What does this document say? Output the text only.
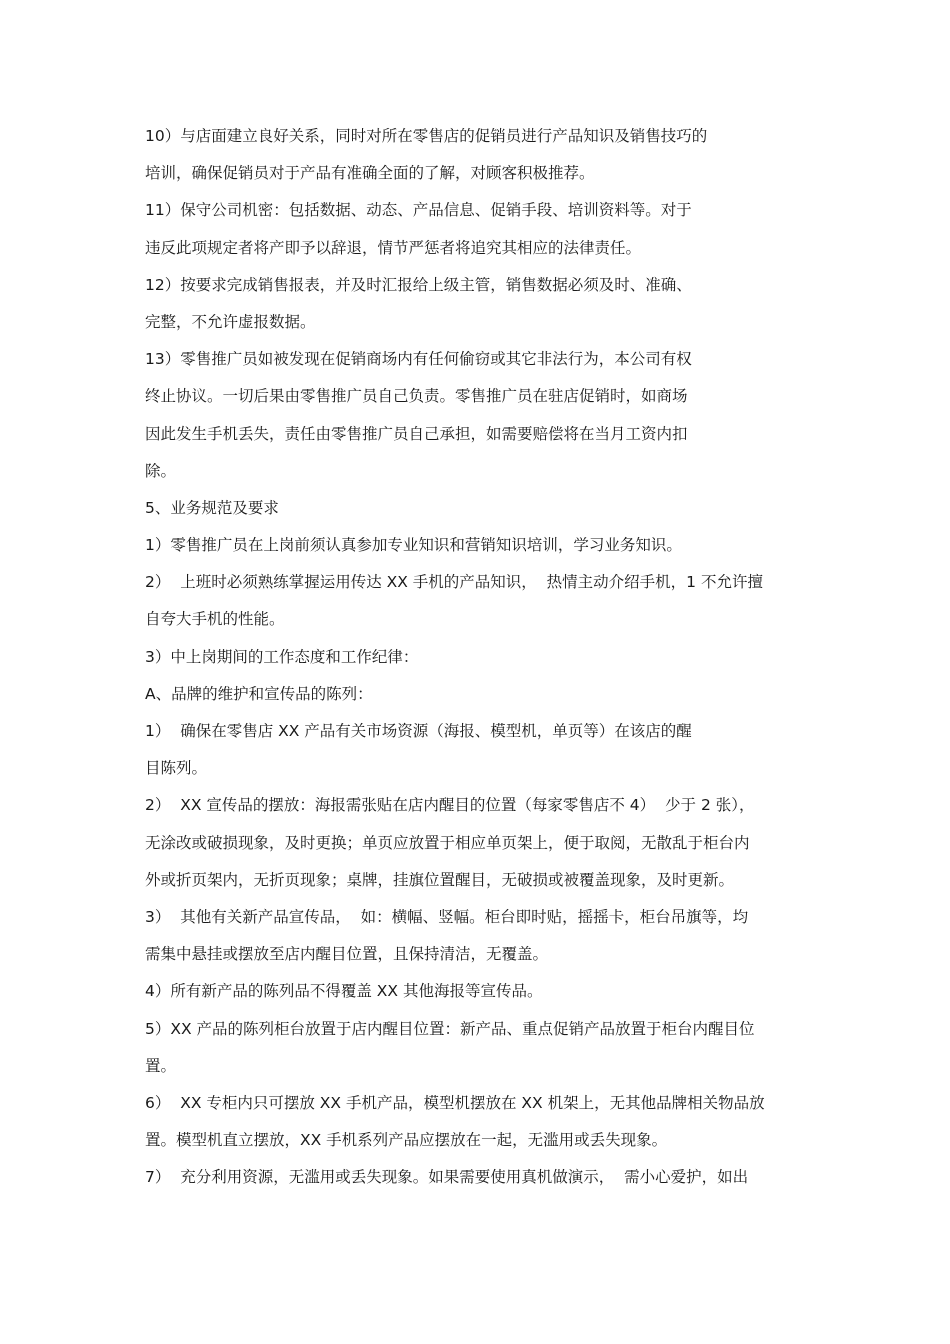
10）与店面建立良好关系，同时对所在零售店的促销员进行产品知识及销售技巧的
培训，确保促销员对于产品有准确全面的了解，对顾客积极推荐。
11）保守公司机密：包括数据、动态、产品信息、促销手段、培训资料等。对于
违反此项规定者将产即予以辞退，情节严惩者将追究其相应的法律责任。
12）按要求完成销售报表，并及时汇报给上级主管，销售数据必须及时、准确、
完整，不允许虚报数据。
13）零售推广员如被发现在促销商场内有任何偷窃或其它非法行为，本公司有权
终止协议。一切后果由零售推广员自己负责。零售推广员在驻店促销时，如商场
因此发生手机丢失，责任由零售推广员自己承担，如需要赔偿将在当月工资内扣
除。
5、业务规范及要求
1）零售推广员在上岗前须认真参加专业知识和营销知识培训，学习业务知识。
2）  上班时必须熟练掌握运用传达 XX 手机的产品知识，  热情主动介绍手机，1 不允许擅
自夸大手机的性能。
3）中上岗期间的工作态度和工作纪律：
A、品牌的维护和宣传品的陈列：
1）  确保在零售店 XX 产品有关市场资源（海报、模型机，单页等）在该店的醒
目陈列。
2）  XX 宣传品的摆放：海报需张贴在店内醒目的位置（每家零售店不 4）  少于 2 张），
无涂改或破损现象，及时更换；单页应放置于相应单页架上，便于取阅，无散乱于柜台内
外或折页架内，无折页现象；桌牌，挂旗位置醒目，无破损或被覆盖现象，及时更新。
3）  其他有关新产品宣传品，  如：横幅、竖幅。柜台即时贴，摇摇卡，柜台吊旗等，均
需集中悬挂或摆放至店内醒目位置，且保持清洁，无覆盖。
4）所有新产品的陈列品不得覆盖 XX 其他海报等宣传品。
5）XX 产品的陈列柜台放置于店内醒目位置：新产品、重点促销产品放置于柜台内醒目位
置。
6）  XX 专柜内只可摆放 XX 手机产品，模型机摆放在 XX 机架上，无其他品牌相关物品放
置。模型机直立摆放，XX 手机系列产品应摆放在一起，无滥用或丢失现象。
7）  充分利用资源，无滥用或丢失现象。如果需要使用真机做演示，  需小心爱护，如出
